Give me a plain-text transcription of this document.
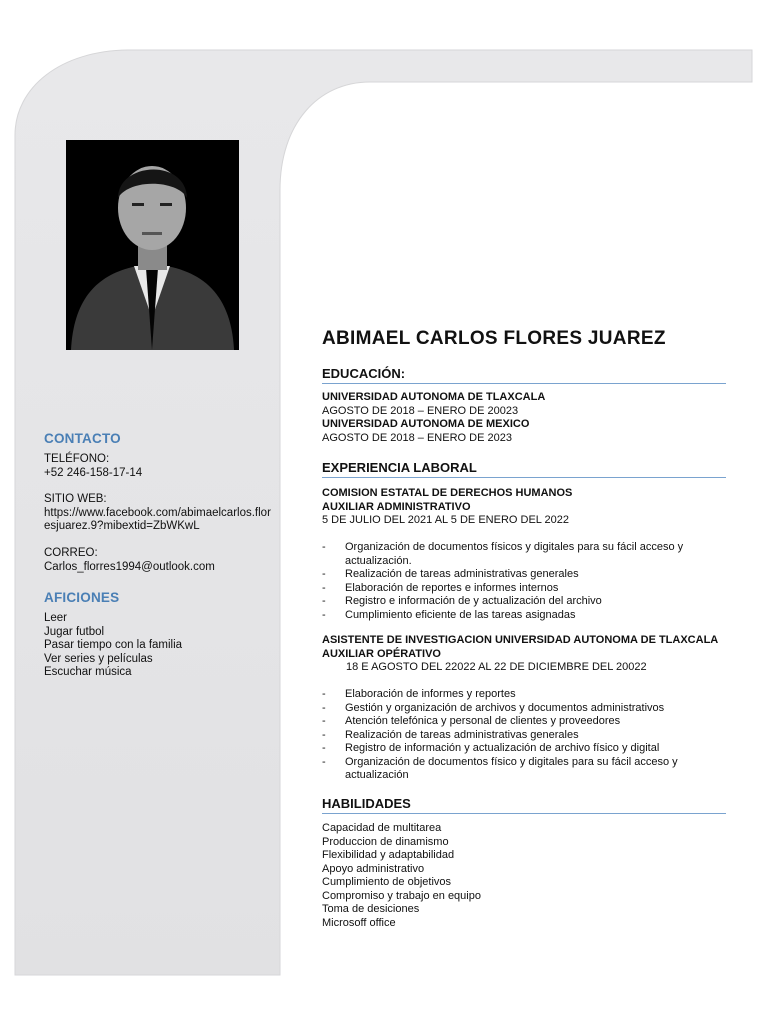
CONTACTO

TELÉFONO:

+52 246-158-17-14

SITIO WEB:

https://www.facebook.com/abimaelcarlos.floresjuarez.9?mibextid=ZbWKwL

CORREO:

Carlos_florres1994@outlook.com

AFICIONES

Leer

Jugar futbol

Pasar tiempo con la familia

Ver series y películas

Escuchar música

ABIMAEL CARLOS FLORES JUAREZ
EDUCACIÓN:
UNIVERSIDAD AUTONOMA DE TLAXCALA
AGOSTO DE 2018 – ENERO DE 20023
UNIVERSIDAD AUTONOMA DE MEXICO
AGOSTO DE 2018 – ENERO DE 2023
EXPERIENCIA LABORAL
COMISION ESTATAL DE DERECHOS HUMANOS
AUXILIAR ADMINISTRATIVO
5 DE JULIO DEL 2021 AL 5 DE ENERO DEL 2022
- Organización de documentos físicos y digitales para su fácil acceso y actualización.
- Realización de tareas administrativas generales
- Elaboración de reportes e informes internos
- Registro e información de y actualización del archivo
- Cumplimiento eficiente de las tareas asignadas
ASISTENTE DE INVESTIGACION UNIVERSIDAD AUTONOMA DE TLAXCALA
AUXILIAR OPÉRATIVO
18 E AGOSTO DEL 22022 AL 22 DE DICIEMBRE DEL 20022
- Elaboración de informes y reportes
- Gestión y organización de archivos y documentos administrativos
- Atención telefónica y personal de clientes y proveedores
- Realización de tareas administrativas generales
- Registro de información y actualización de archivo físico y digital
- Organización de documentos físico y digitales para su fácil acceso y actualización
HABILIDADES
Capacidad de multitarea
Produccion de dinamismo
Flexibilidad y adaptabilidad
Apoyo administrativo
Cumplimiento de objetivos
Compromiso y trabajo en equipo
Toma de desiciones
Microsoff office
